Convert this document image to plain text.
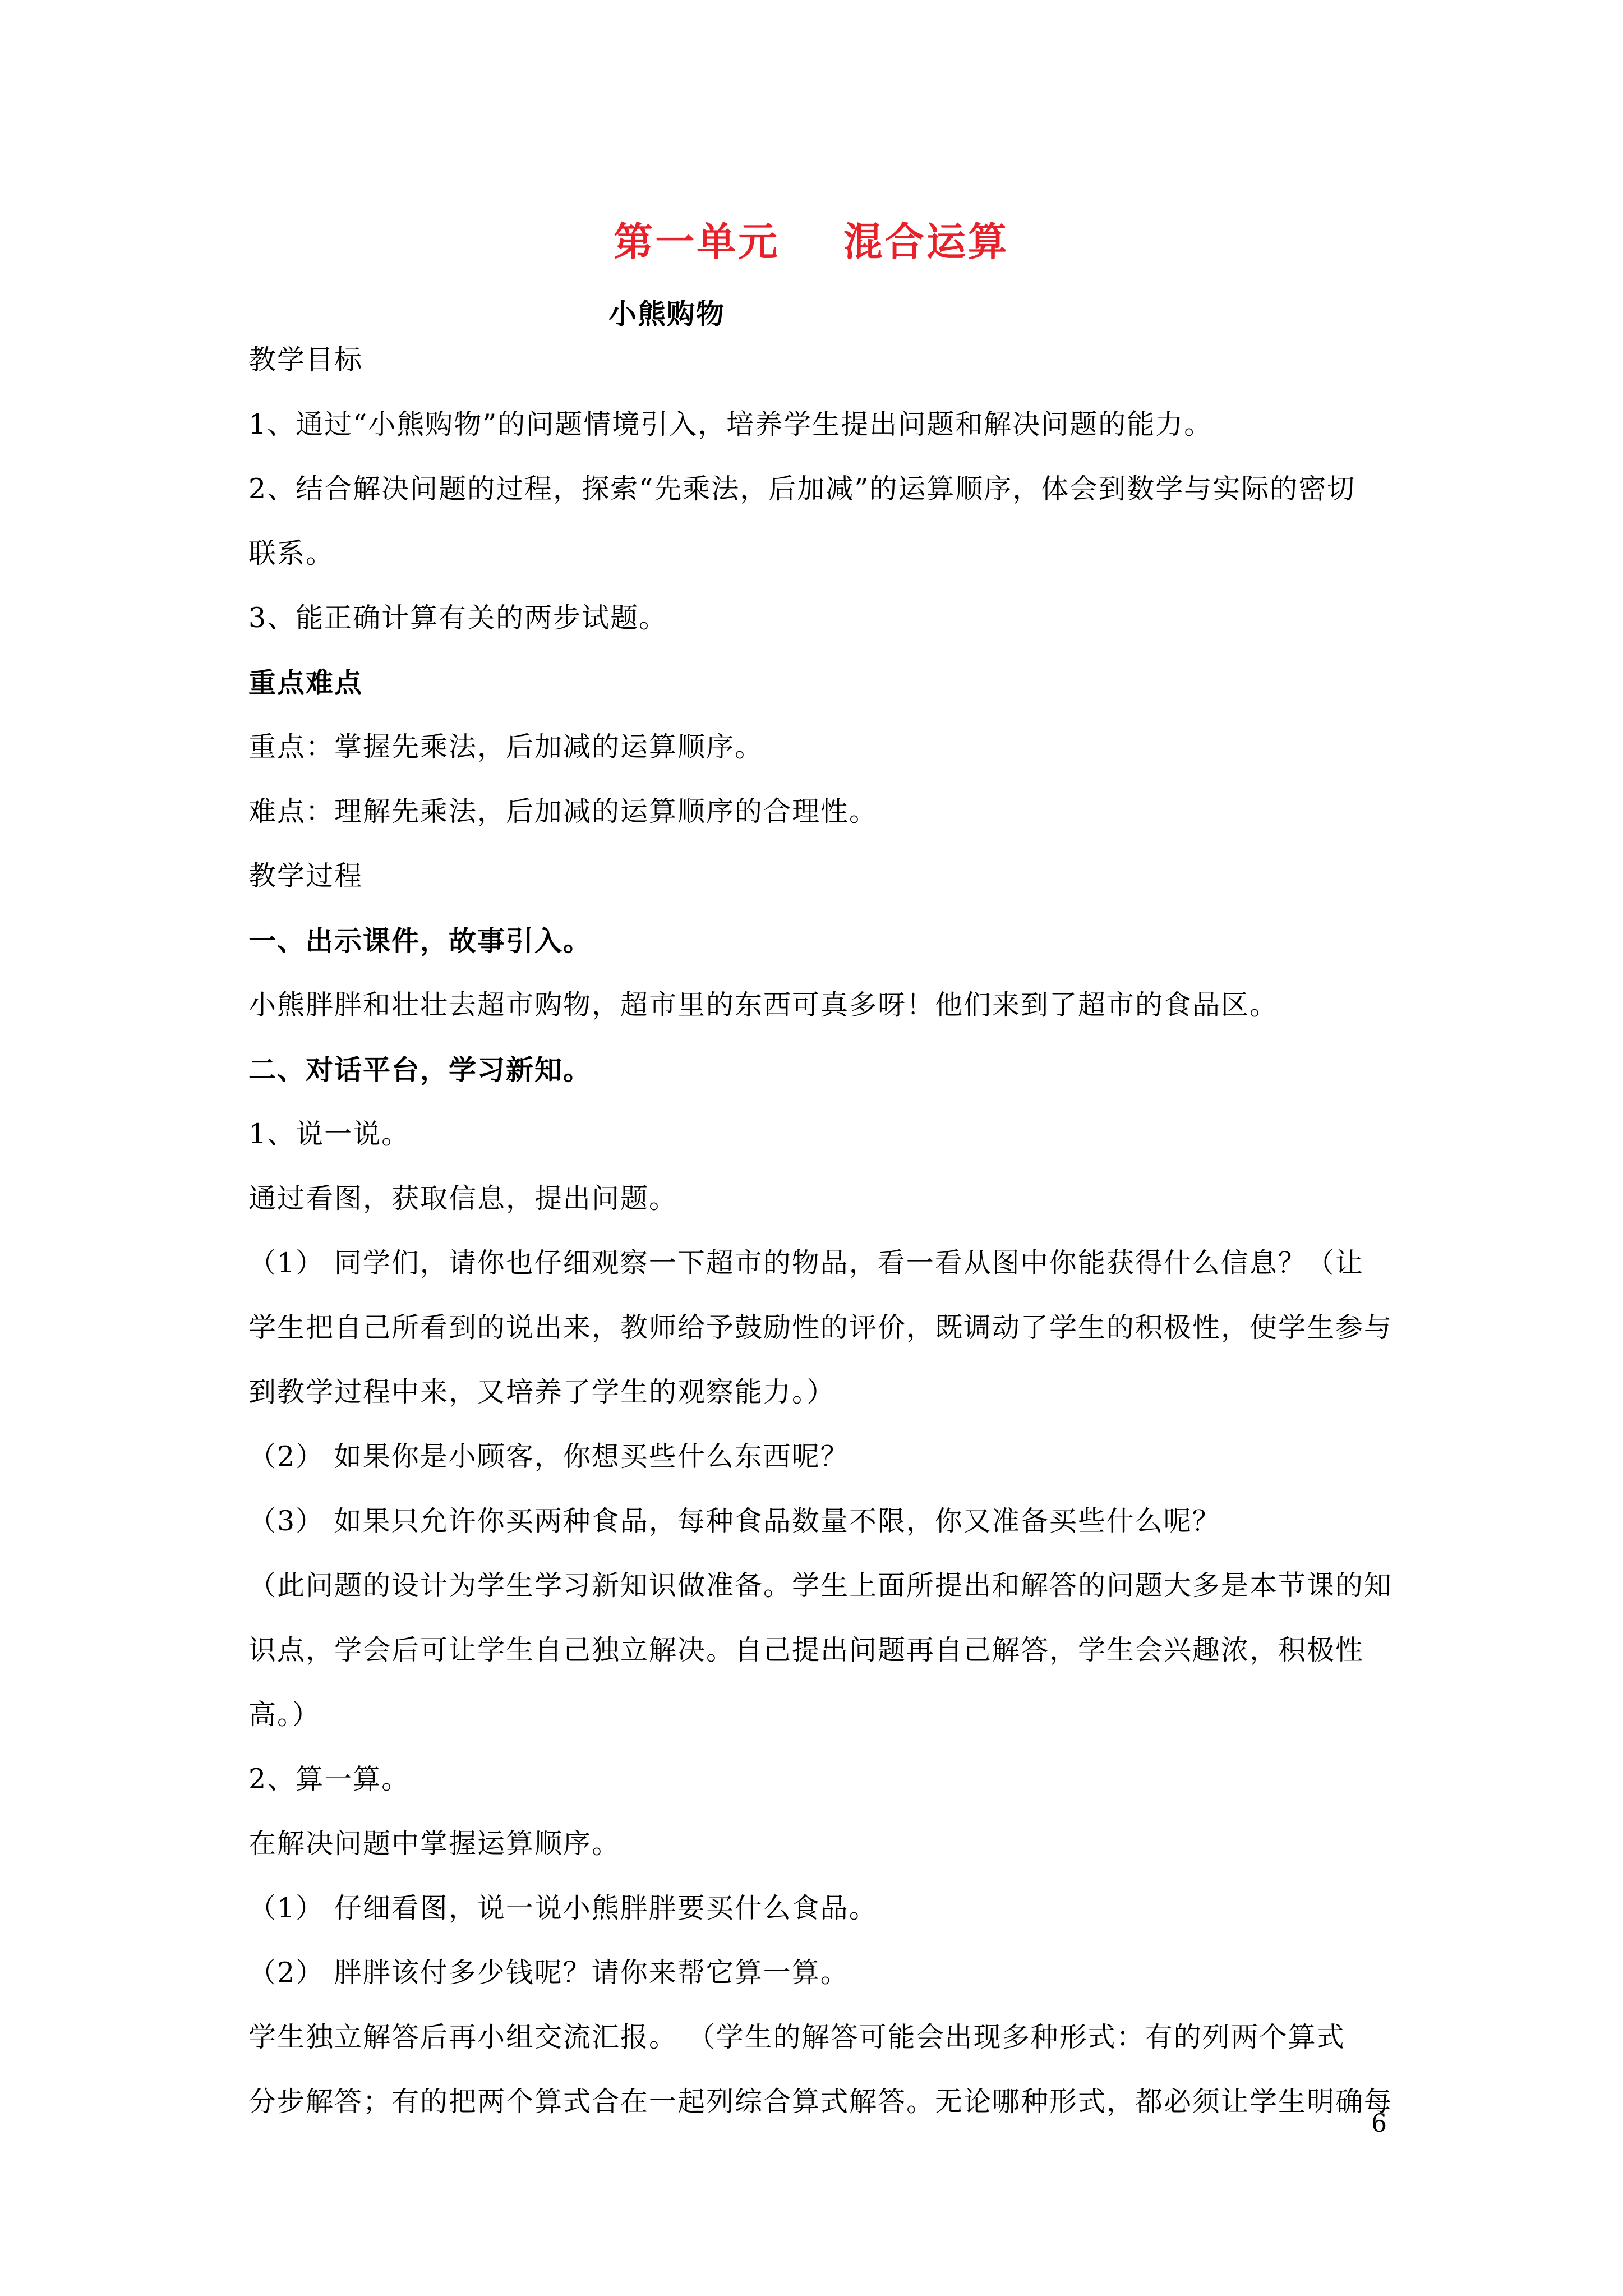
第一单元    混合运算
小熊购物
教学目标
1、通过“小熊购物”的问题情境引入，培养学生提出问题和解决问题的能力。
2、结合解决问题的过程，探索“先乘法，后加减”的运算顺序，体会到数学与实际的密切
联系。
3、能正确计算有关的两步试题。
重点难点
重点：掌握先乘法，后加减的运算顺序。
难点：理解先乘法，后加减的运算顺序的合理性。
教学过程
一、出示课件，故事引入。
小熊胖胖和壮壮去超市购物，超市里的东西可真多呀！他们来到了超市的食品区。
二、对话平台，学习新知。
1、说一说。
通过看图，获取信息，提出问题。
（1） 同学们，请你也仔细观察一下超市的物品，看一看从图中你能获得什么信息？（让
学生把自己所看到的说出来，教师给予鼓励性的评价，既调动了学生的积极性，使学生参与
到教学过程中来，又培养了学生的观察能力。）
（2） 如果你是小顾客，你想买些什么东西呢？
（3） 如果只允许你买两种食品，每种食品数量不限，你又准备买些什么呢？
（此问题的设计为学生学习新知识做准备。学生上面所提出和解答的问题大多是本节课的知
识点，学会后可让学生自己独立解决。自己提出问题再自己解答，学生会兴趣浓，积极性
高。）
2、算一算。
在解决问题中掌握运算顺序。
（1） 仔细看图，说一说小熊胖胖要买什么食品。
（2） 胖胖该付多少钱呢？请你来帮它算一算。
学生独立解答后再小组交流汇报。 （学生的解答可能会出现多种形式：有的列两个算式
分步解答；有的把两个算式合在一起列综合算式解答。无论哪种形式，都必须让学生明确每
6
